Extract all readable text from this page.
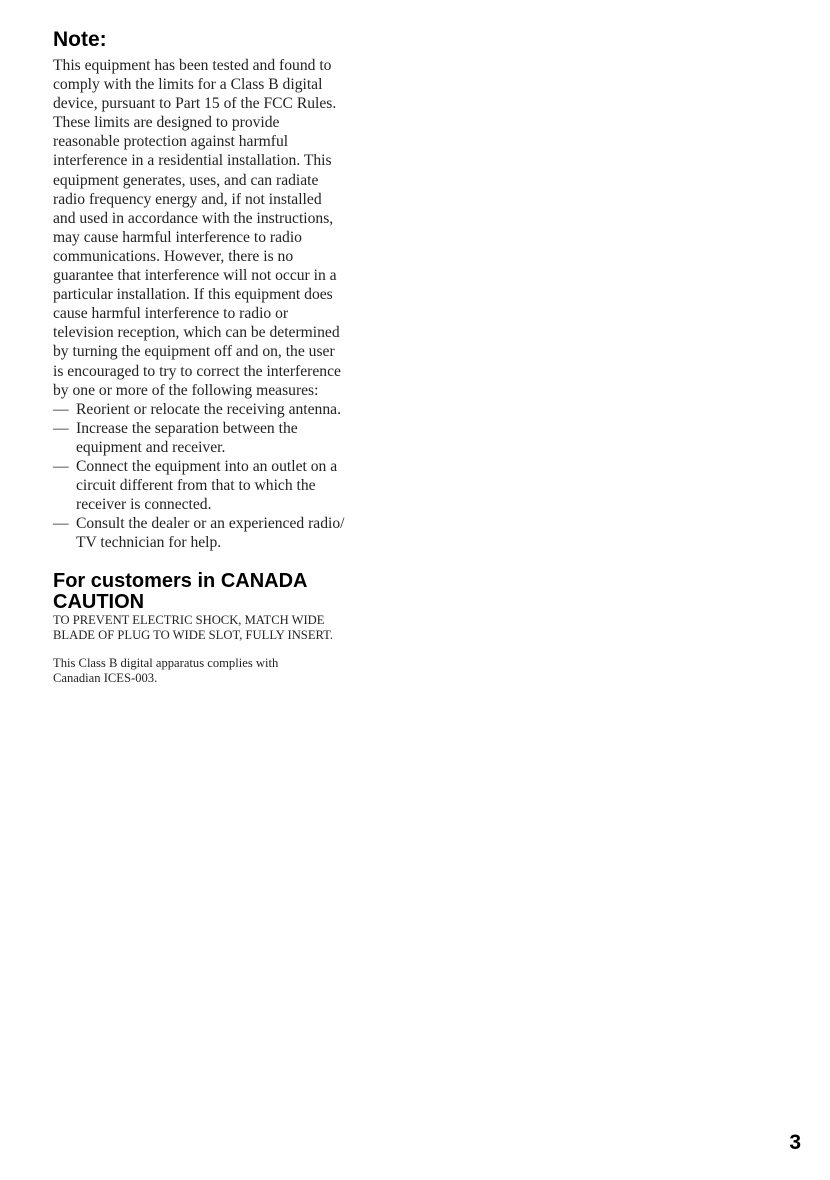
Note:

This equipment has been tested and found to
comply with the limits for a Class B digital
device, pursuant to Part 15 of the FCC Rules.
These limits are designed to provide
reasonable protection against harmful
interference in a residential installation. This
equipment generates, uses, and can radiate
radio frequency energy and, if not installed
and used in accordance with the instructions,
may cause harmful interference to radio
communications. However, there is no
guarantee that interference will not occur in a
particular installation. If this equipment does
cause harmful interference to radio or
television reception, which can be determined
by turning the equipment off and on, the user
is encouraged to try to correct the interference
by one or more of the following measures:

— Reorient or relocate the receiving antenna.
— Increase the separation between the
equipment and receiver.
— Connect the equipment into an outlet on a
circuit different from that to which the
receiver is connected.
— Consult the dealer or an experienced radio/
TV technician for help.
For customers in CANADA
CAUTION

TO PREVENT ELECTRIC SHOCK, MATCH WIDE
BLADE OF PLUG TO WIDE SLOT, FULLY INSERT.

This Class B digital apparatus complies with
Canadian ICES-003.

3
